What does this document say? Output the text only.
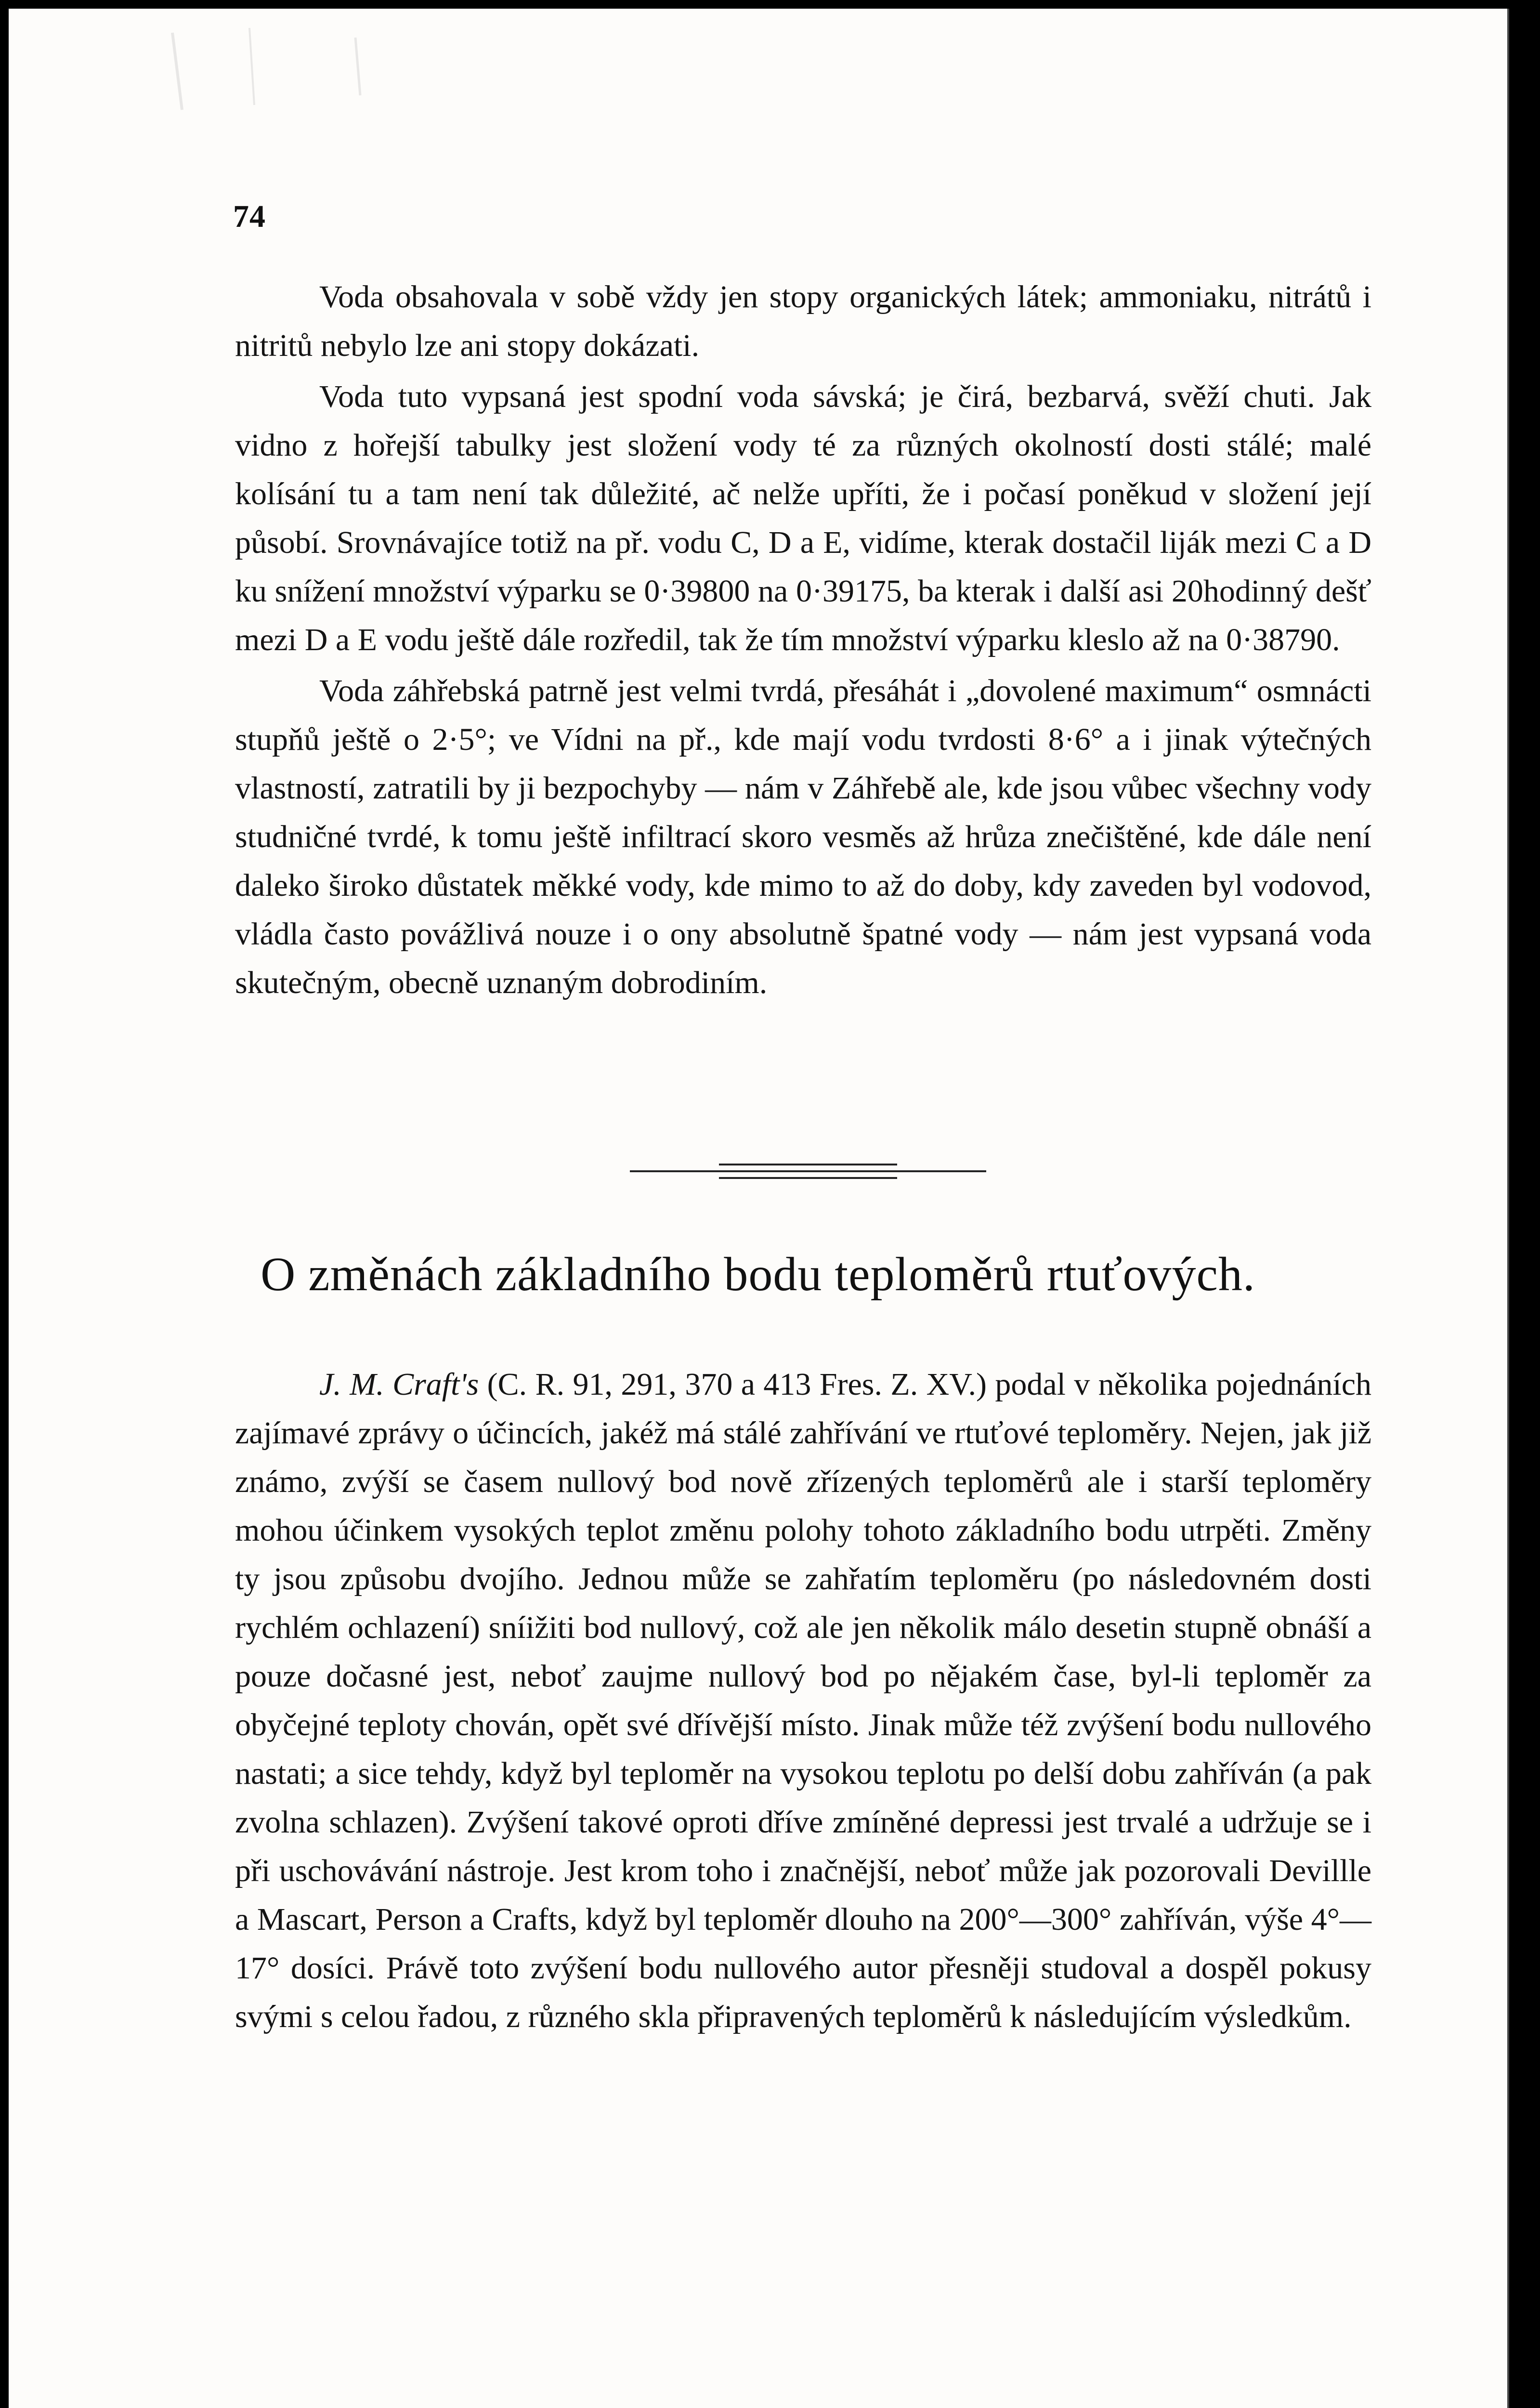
74

Voda obsahovala v sobě vždy jen stopy organických látek; ammoniaku, nitrátů i nitritů nebylo lze ani stopy dokázati.

Voda tuto vypsaná jest spodní voda sávská; je čirá, bezbarvá, svěží chuti. Jak vidno z hořejší tabulky jest složení vody té za různých okolností dosti stálé; malé kolísání tu a tam není tak důležité, ač nelže upříti, že i počasí poněkud v složení její působí. Srovnávajíce totiž na př. vodu C, D a E, vidíme, kterak dostačil liják mezi C a D ku snížení množství výparku se 0·39800 na 0·39175, ba kterak i další asi 20hodinný dešť mezi D a E vodu ještě dále rozředil, tak že tím množství výparku kleslo až na 0·38790.

Voda záhřebská patrně jest velmi tvrdá, přesáhát i „dovolené maximum“ osmnácti stupňů ještě o 2·5°; ve Vídni na př., kde mají vodu tvrdosti 8·6° a i jinak výtečných vlastností, zatratili by ji bezpochyby — nám v Záhřebě ale, kde jsou vůbec všechny vody studničné tvrdé, k tomu ještě infiltrací skoro vesměs až hrůza znečištěné, kde dále není daleko široko důstatek měkké vody, kde mimo to až do doby, kdy zaveden byl vodovod, vládla často povážlivá nouze i o ony absolutně špatné vody — nám jest vypsaná voda skutečným, obecně uznaným dobrodiním.

O změnách základního bodu teploměrů rtuťových.

J. M. Craft's (C. R. 91, 291, 370 a 413 Fres. Z. XV.) podal v několika pojednáních zajímavé zprávy o účincích, jakéž má stálé zahřívání ve rtuťové teploměry. Nejen, jak již známo, zvýší se časem nullový bod nově zřízených teploměrů ale i starší teploměry mohou účinkem vysokých teplot změnu polohy tohoto základního bodu utrpěti. Změny ty jsou způsobu dvojího. Jednou může se zahřatím teploměru (po následovném dosti rychlém ochlazení) sníižiti bod nullový, což ale jen několik málo desetin stupně obnáší a pouze dočasné jest, neboť zaujme nullový bod po nějakém čase, byl-li teploměr za obyčejné teploty chován, opět své dřívější místo. Jinak může též zvýšení bodu nullového nastati; a sice tehdy, když byl teploměr na vysokou teplotu po delší dobu zahříván (a pak zvolna schlazen). Zvýšení takové oproti dříve zmíněné depressi jest trvalé a udržuje se i při uschovávání nástroje. Jest krom toho i značnější, neboť může jak pozorovali Devillle a Mascart, Person a Crafts, když byl teploměr dlouho na 200°—300° zahříván, výše 4°—17° dosíci. Právě toto zvýšení bodu nullového autor přesněji studoval a dospěl pokusy svými s celou řadou, z různého skla připravených teploměrů k následujícím výsledkům.
